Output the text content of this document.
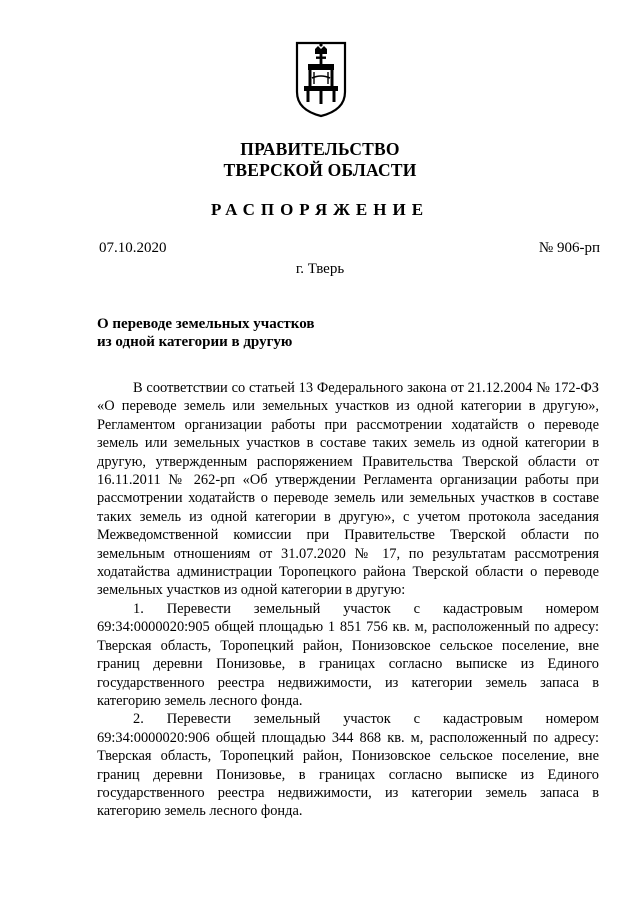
ПРАВИТЕЛЬСТВО
ТВЕРСКОЙ ОБЛАСТИ
РАСПОРЯЖЕНИЕ
07.10.2020	№ 906-рп
г. Тверь
О переводе земельных участков
из одной категории в другую

В соответствии со статьей 13 Федерального закона от 21.12.2004 № 172-ФЗ «О переводе земель или земельных участков из одной категории в другую», Регламентом организации работы при рассмотрении ходатайств о переводе земель или земельных участков в составе таких земель из одной категории в другую, утвержденным распоряжением Правительства Тверской области от 16.11.2011 № 262-рп «Об утверждении Регламента организации работы при рассмотрении ходатайств о переводе земель или земельных участков в составе таких земель из одной категории в другую», с учетом протокола заседания Межведомственной комиссии при Правительстве Тверской области по земельным отношениям от 31.07.2020 № 17, по результатам рассмотрения ходатайства администрации Торопецкого района Тверской области о переводе земельных участков из одной категории в другую:

1. Перевести земельный участок с кадастровым номером 69:34:0000020:905 общей площадью 1 851 756 кв. м, расположенный по адресу: Тверская область, Торопецкий район, Понизовское сельское поселение, вне границ деревни Понизовье, в границах согласно выписке из Единого государственного реестра недвижимости, из категории земель запаса в категорию земель лесного фонда.

2. Перевести земельный участок с кадастровым номером 69:34:0000020:906 общей площадью 344 868 кв. м, расположенный по адресу: Тверская область, Торопецкий район, Понизовское сельское поселение, вне границ деревни Понизовье, в границах согласно выписке из Единого государственного реестра недвижимости, из категории земель запаса в категорию земель лесного фонда.
